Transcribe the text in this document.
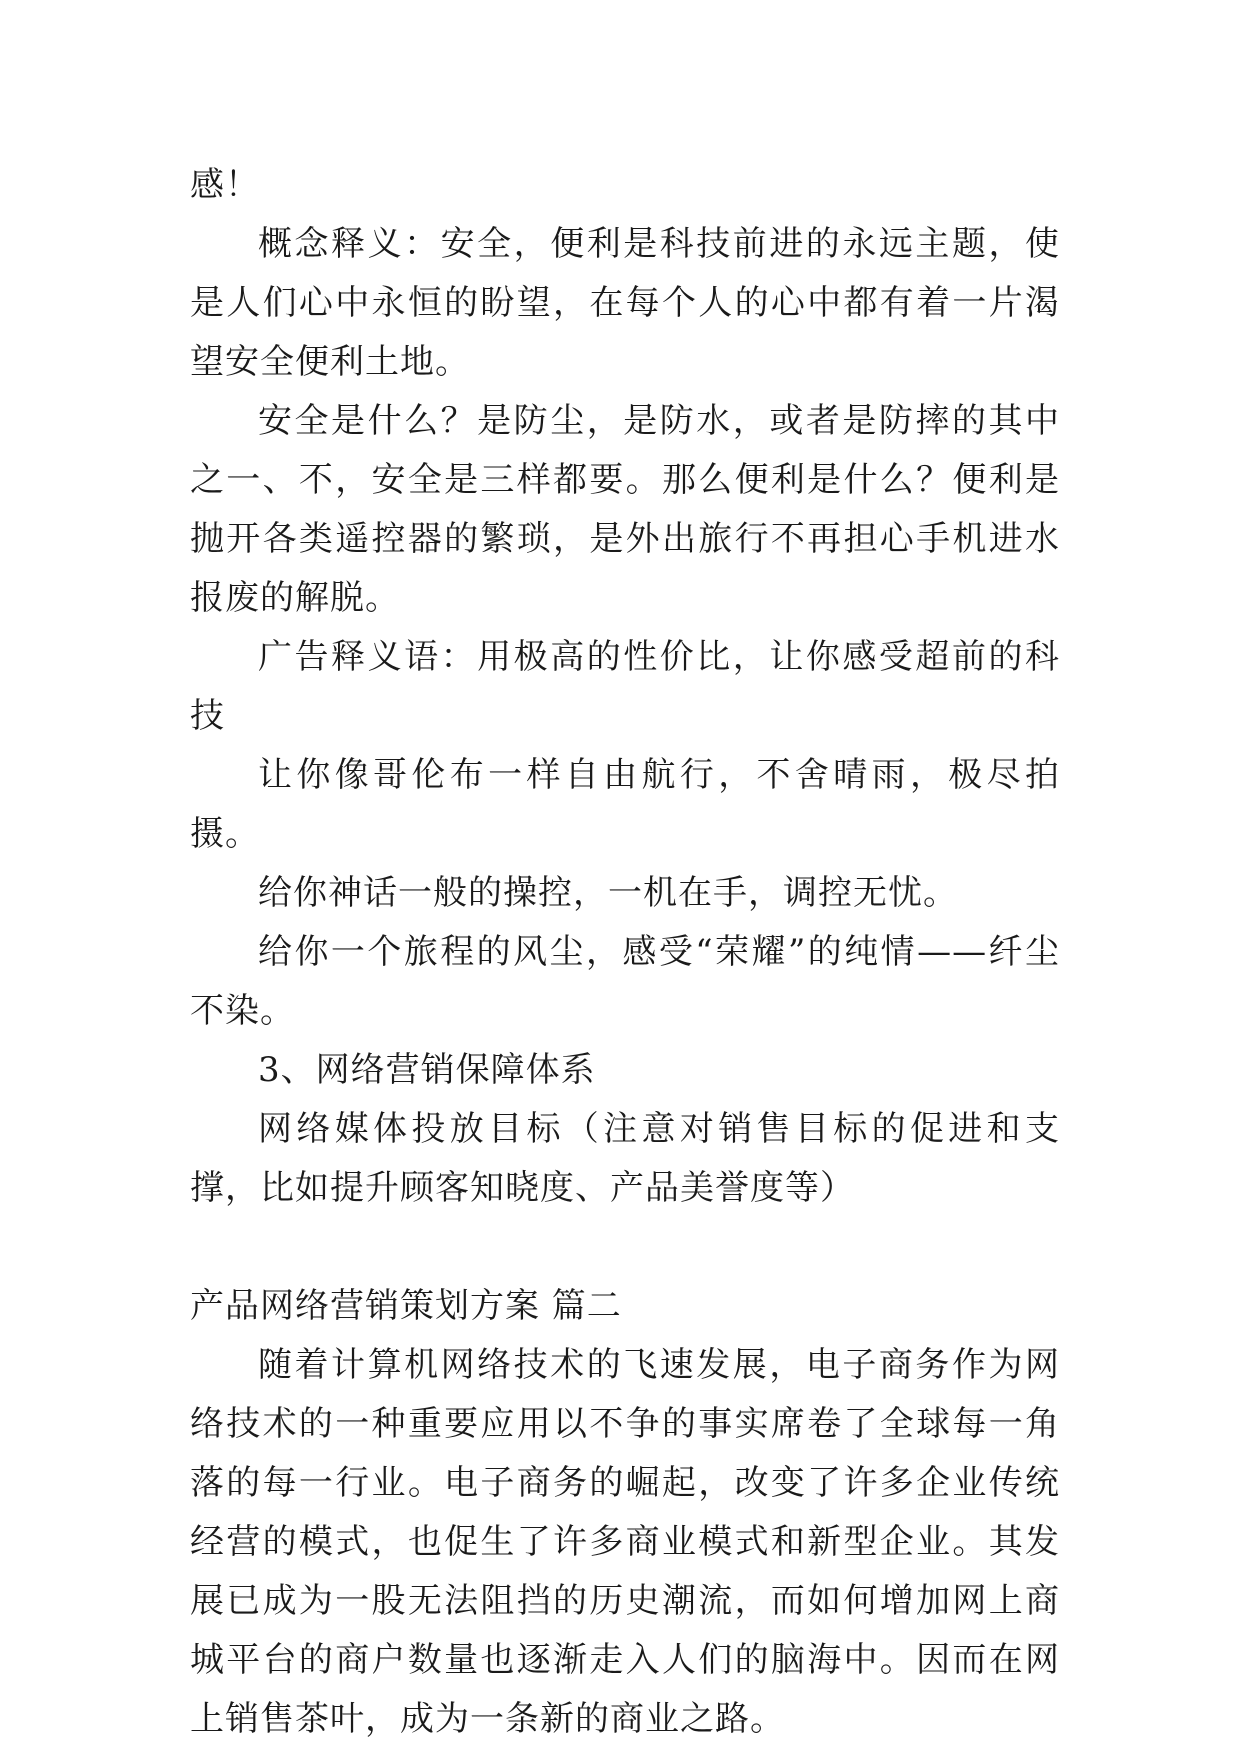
感！

概念释义：安全，便利是科技前进的永远主题，使是人们心中永恒的盼望，在每个人的心中都有着一片渴望安全便利土地。

安全是什么？是防尘，是防水，或者是防摔的其中之一、不，安全是三样都要。那么便利是什么？便利是抛开各类遥控器的繁琐，是外出旅行不再担心手机进水报废的解脱。

广告释义语：用极高的性价比，让你感受超前的科技

让你像哥伦布一样自由航行，不舍晴雨，极尽拍摄。

给你神话一般的操控，一机在手，调控无忧。

给你一个旅程的风尘，感受“荣耀”的纯情——纤尘不染。

3、网络营销保障体系

网络媒体投放目标（注意对销售目标的促进和支撑，比如提升顾客知晓度、产品美誉度等）

产品网络营销策划方案 篇二

随着计算机网络技术的飞速发展，电子商务作为网络技术的一种重要应用以不争的事实席卷了全球每一角落的每一行业。电子商务的崛起，改变了许多企业传统经营的模式，也促生了许多商业模式和新型企业。其发展已成为一股无法阻挡的历史潮流，而如何增加网上商城平台的商户数量也逐渐走入人们的脑海中。因而在网上销售茶叶，成为一条新的商业之路。
